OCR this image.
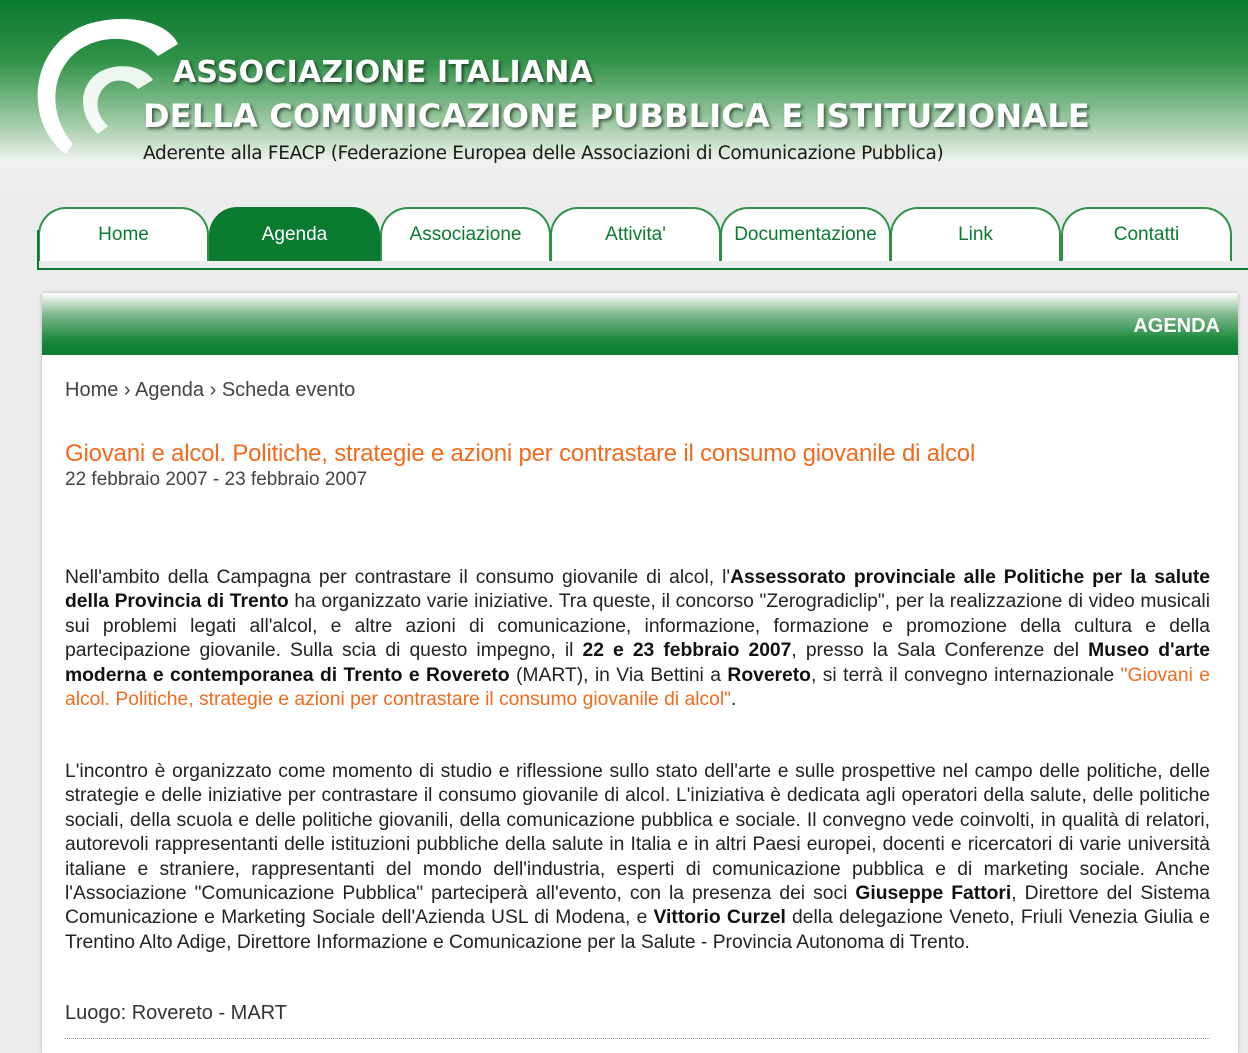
ASSOCIAZIONE ITALIANA
DELLA COMUNICAZIONE PUBBLICA E ISTITUZIONALE
Aderente alla FEACP (Federazione Europea delle Associazioni di Comunicazione Pubblica)
Home	Agenda	Associazione	Attivita'	Documentazione	Link	Contatti
AGENDA
Home › Agenda › Scheda evento
Giovani e alcol. Politiche, strategie e azioni per contrastare il consumo giovanile di alcol
22 febbraio 2007 - 23 febbraio 2007

Nell'ambito della Campagna per contrastare il consumo giovanile di alcol, l'Assessorato provinciale alle Politiche per la salute della Provincia di Trento ha organizzato varie iniziative. Tra queste, il concorso "Zerogradiclip", per la realizzazione di video musicali sui problemi legati all'alcol, e altre azioni di comunicazione, informazione, formazione e promozione della cultura e della partecipazione giovanile. Sulla scia di questo impegno, il 22 e 23 febbraio 2007, presso la Sala Conferenze del Museo d'arte moderna e contemporanea di Trento e Rovereto (MART), in Via Bettini a Rovereto, si terrà il convegno internazionale "Giovani e alcol. Politiche, strategie e azioni per contrastare il consumo giovanile di alcol".

L'incontro è organizzato come momento di studio e riflessione sullo stato dell'arte e sulle prospettive nel campo delle politiche, delle strategie e delle iniziative per contrastare il consumo giovanile di alcol. L'iniziativa è dedicata agli operatori della salute, delle politiche sociali, della scuola e delle politiche giovanili, della comunicazione pubblica e sociale. Il convegno vede coinvolti, in qualità di relatori, autorevoli rappresentanti delle istituzioni pubbliche della salute in Italia e in altri Paesi europei, docenti e ricercatori di varie università italiane e straniere, rappresentanti del mondo dell'industria, esperti di comunicazione pubblica e di marketing sociale. Anche l'Associazione "Comunicazione Pubblica" parteciperà all'evento, con la presenza dei soci Giuseppe Fattori, Direttore del Sistema Comunicazione e Marketing Sociale dell'Azienda USL di Modena, e Vittorio Curzel della delegazione Veneto, Friuli Venezia Giulia e Trentino Alto Adige, Direttore Informazione e Comunicazione per la Salute - Provincia Autonoma di Trento.

Luogo: Rovereto - MART
